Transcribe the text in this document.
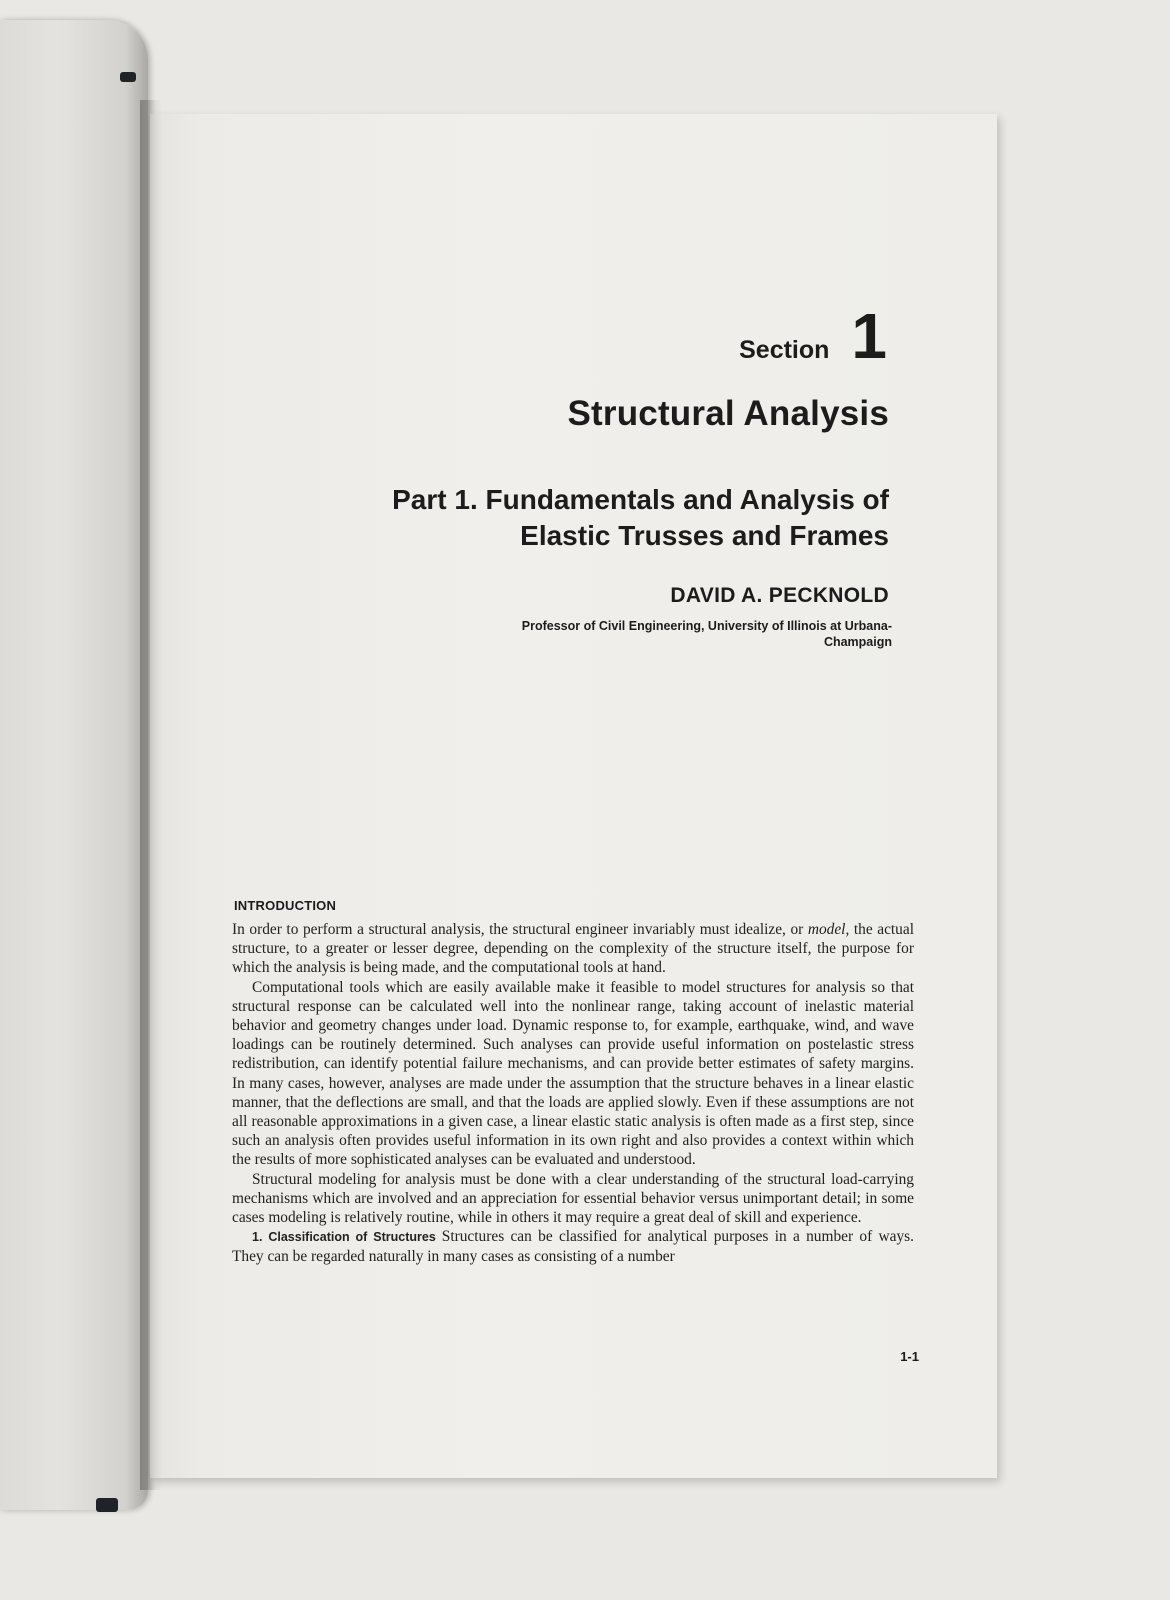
Section 1
Structural Analysis
Part 1. Fundamentals and Analysis of
Elastic Trusses and Frames
DAVID A. PECKNOLD
Professor of Civil Engineering, University of Illinois at Urbana-
Champaign
INTRODUCTION

In order to perform a structural analysis, the structural engineer invariably must idealize, or model, the actual structure, to a greater or lesser degree, depending on the complexity of the structure itself, the purpose for which the analysis is being made, and the computational tools at hand.

Computational tools which are easily available make it feasible to model structures for analysis so that structural response can be calculated well into the nonlinear range, taking account of inelastic material behavior and geometry changes under load. Dynamic response to, for example, earthquake, wind, and wave loadings can be routinely determined. Such analyses can provide useful information on postelastic stress redistribution, can identify potential failure mechanisms, and can provide better estimates of safety margins. In many cases, however, analyses are made under the assumption that the structure behaves in a linear elastic manner, that the deflections are small, and that the loads are applied slowly. Even if these assumptions are not all reasonable approximations in a given case, a linear elastic static analysis is often made as a first step, since such an analysis often provides useful information in its own right and also provides a context within which the results of more sophisticated analyses can be evaluated and understood.

Structural modeling for analysis must be done with a clear understanding of the structural load-carrying mechanisms which are involved and an appreciation for essential behavior versus unimportant detail; in some cases modeling is relatively routine, while in others it may require a great deal of skill and experience.

1. Classification of Structures Structures can be classified for analytical purposes in a number of ways. They can be regarded naturally in many cases as consisting of a number

1-1
